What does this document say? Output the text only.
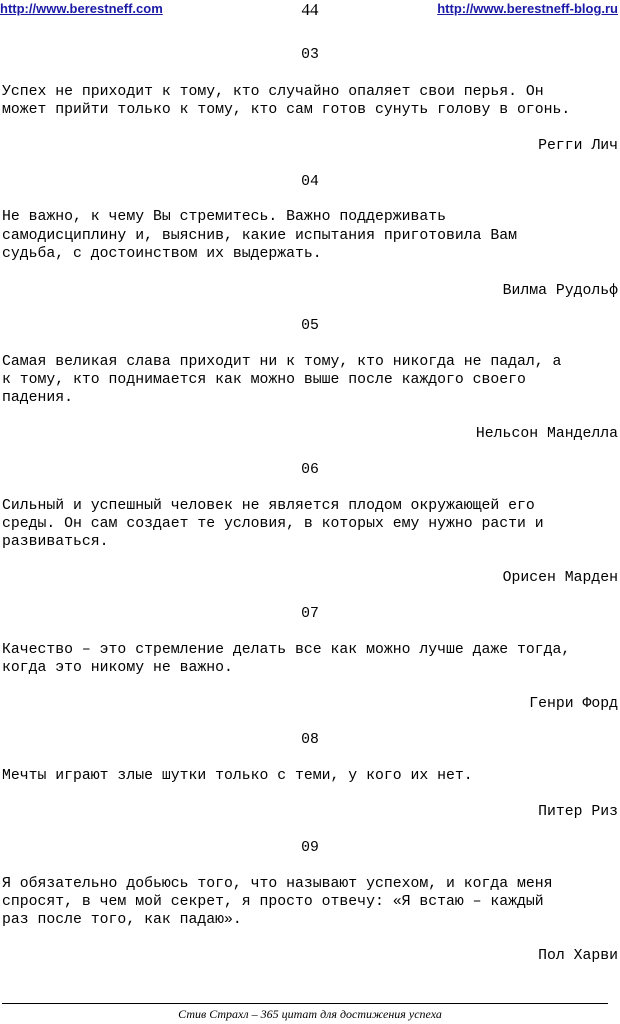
http://www.berestneff.com	44	http://www.berestneff-blog.ru
03
Успех не приходит к тому, кто случайно опаляет свои перья. Он
может прийти только к тому, кто сам готов сунуть голову в огонь.
Регги Лич
04
Не важно, к чему Вы стремитесь. Важно поддерживать
самодисциплину и, выяснив, какие испытания приготовила Вам
судьба, с достоинством их выдержать.
Вилма Рудольф
05
Самая великая слава приходит ни к тому, кто никогда не падал, а
к тому, кто поднимается как можно выше после каждого своего
падения.
Нельсон Манделла
06
Сильный и успешный человек не является плодом окружающей его
среды. Он сам создает те условия, в которых ему нужно расти и
развиваться.
Орисен Марден
07
Качество – это стремление делать все как можно лучше даже тогда,
когда это никому не важно.
Генри Форд
08
Мечты играют злые шутки только с теми, у кого их нет.
Питер Риз
09
Я обязательно добьюсь того, что называют успехом, и когда меня
спросят, в чем мой секрет, я просто отвечу: «Я встаю – каждый
раз после того, как падаю».
Пол Харви
Стив Страхл – 365 цитат для достижения успеха
